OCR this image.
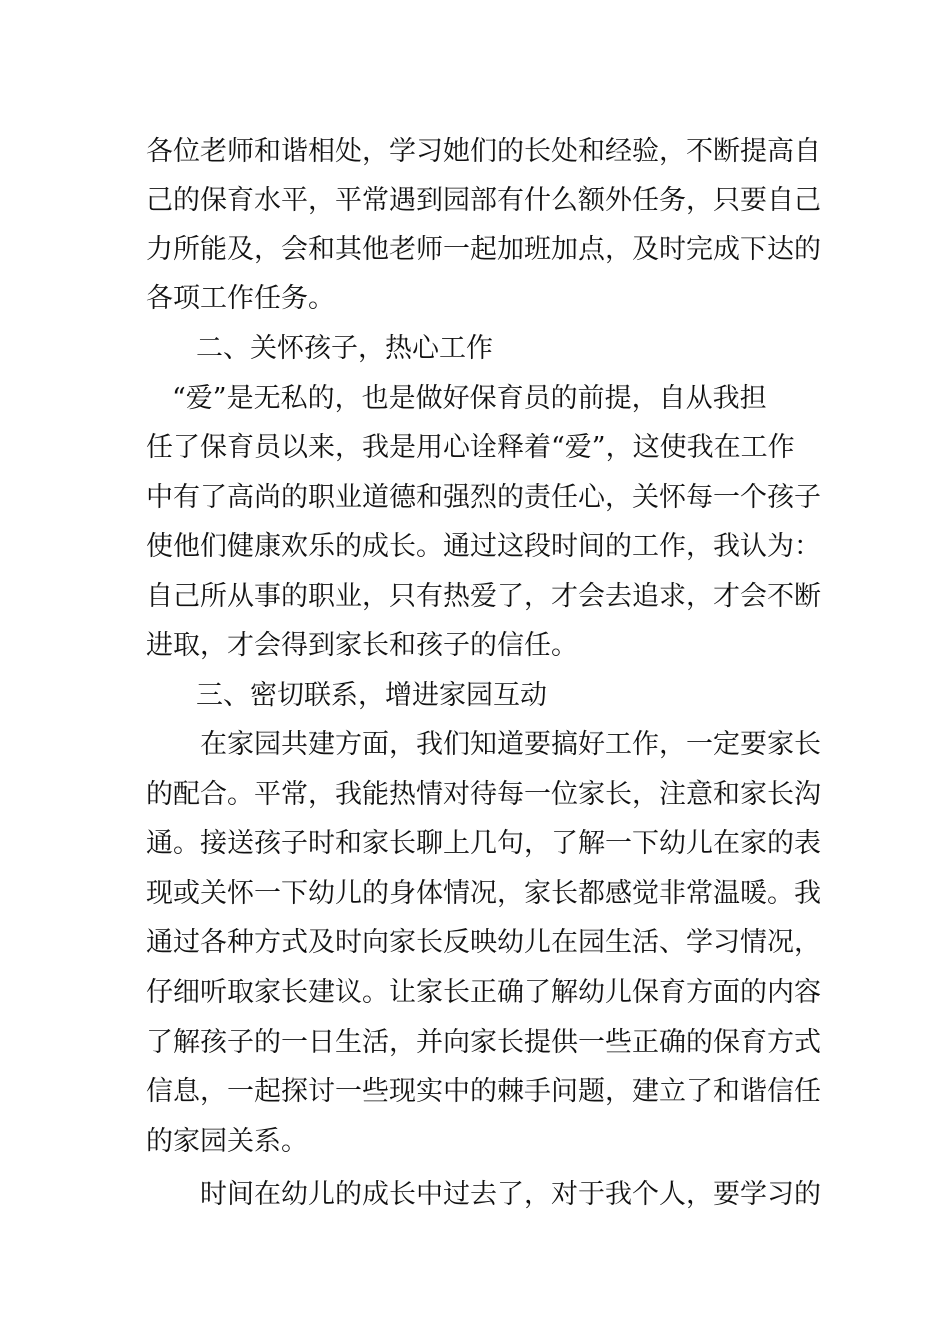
各位老师和谐相处，学习她们的长处和经验，不断提高自
己的保育水平，平常遇到园部有什么额外任务，只要自己
力所能及，会和其他老师一起加班加点，及时完成下达的
各项工作任务。
二、关怀孩子，热心工作
“爱”是无私的，也是做好保育员的前提，自从我担
任了保育员以来，我是用心诠释着“爱”，这使我在工作
中有了高尚的职业道德和强烈的责任心，关怀每一个孩子
使他们健康欢乐的成长。通过这段时间的工作，我认为：
自己所从事的职业，只有热爱了，才会去追求，才会不断
进取，才会得到家长和孩子的信任。
三、密切联系，增进家园互动
在家园共建方面，我们知道要搞好工作，一定要家长
的配合。平常，我能热情对待每一位家长，注意和家长沟
通。接送孩子时和家长聊上几句，了解一下幼儿在家的表
现或关怀一下幼儿的身体情况，家长都感觉非常温暖。我
通过各种方式及时向家长反映幼儿在园生活、学习情况，
仔细听取家长建议。让家长正确了解幼儿保育方面的内容
了解孩子的一日生活，并向家长提供一些正确的保育方式
信息，一起探讨一些现实中的棘手问题，建立了和谐信任
的家园关系。
时间在幼儿的成长中过去了，对于我个人，要学习的
